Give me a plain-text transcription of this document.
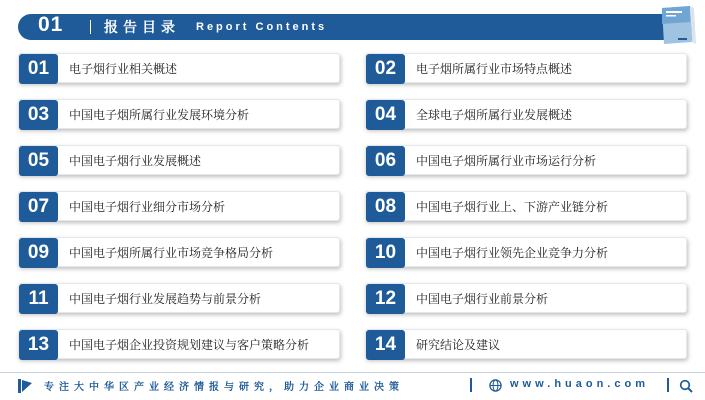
01	报告目录 Report Contents
01	电子烟行业相关概述	02	电子烟所属行业市场特点概述
03	中国电子烟所属行业发展环境分析	04	全球电子烟所属行业发展概述
05	中国电子烟行业发展概述	06	中国电子烟所属行业市场运行分析
07	中国电子烟行业细分市场分析	08	中国电子烟行业上、下游产业链分析
09	中国电子烟所属行业市场竞争格局分析	10	中国电子烟行业领先企业竞争力分析
11	中国电子烟行业发展趋势与前景分析	12	中国电子烟行业前景分析
13	中国电子烟企业投资规划建议与客户策略分析	14	研究结论及建议
专注大中华区产业经济情报与研究，助力企业商业决策	www.huaon.com
